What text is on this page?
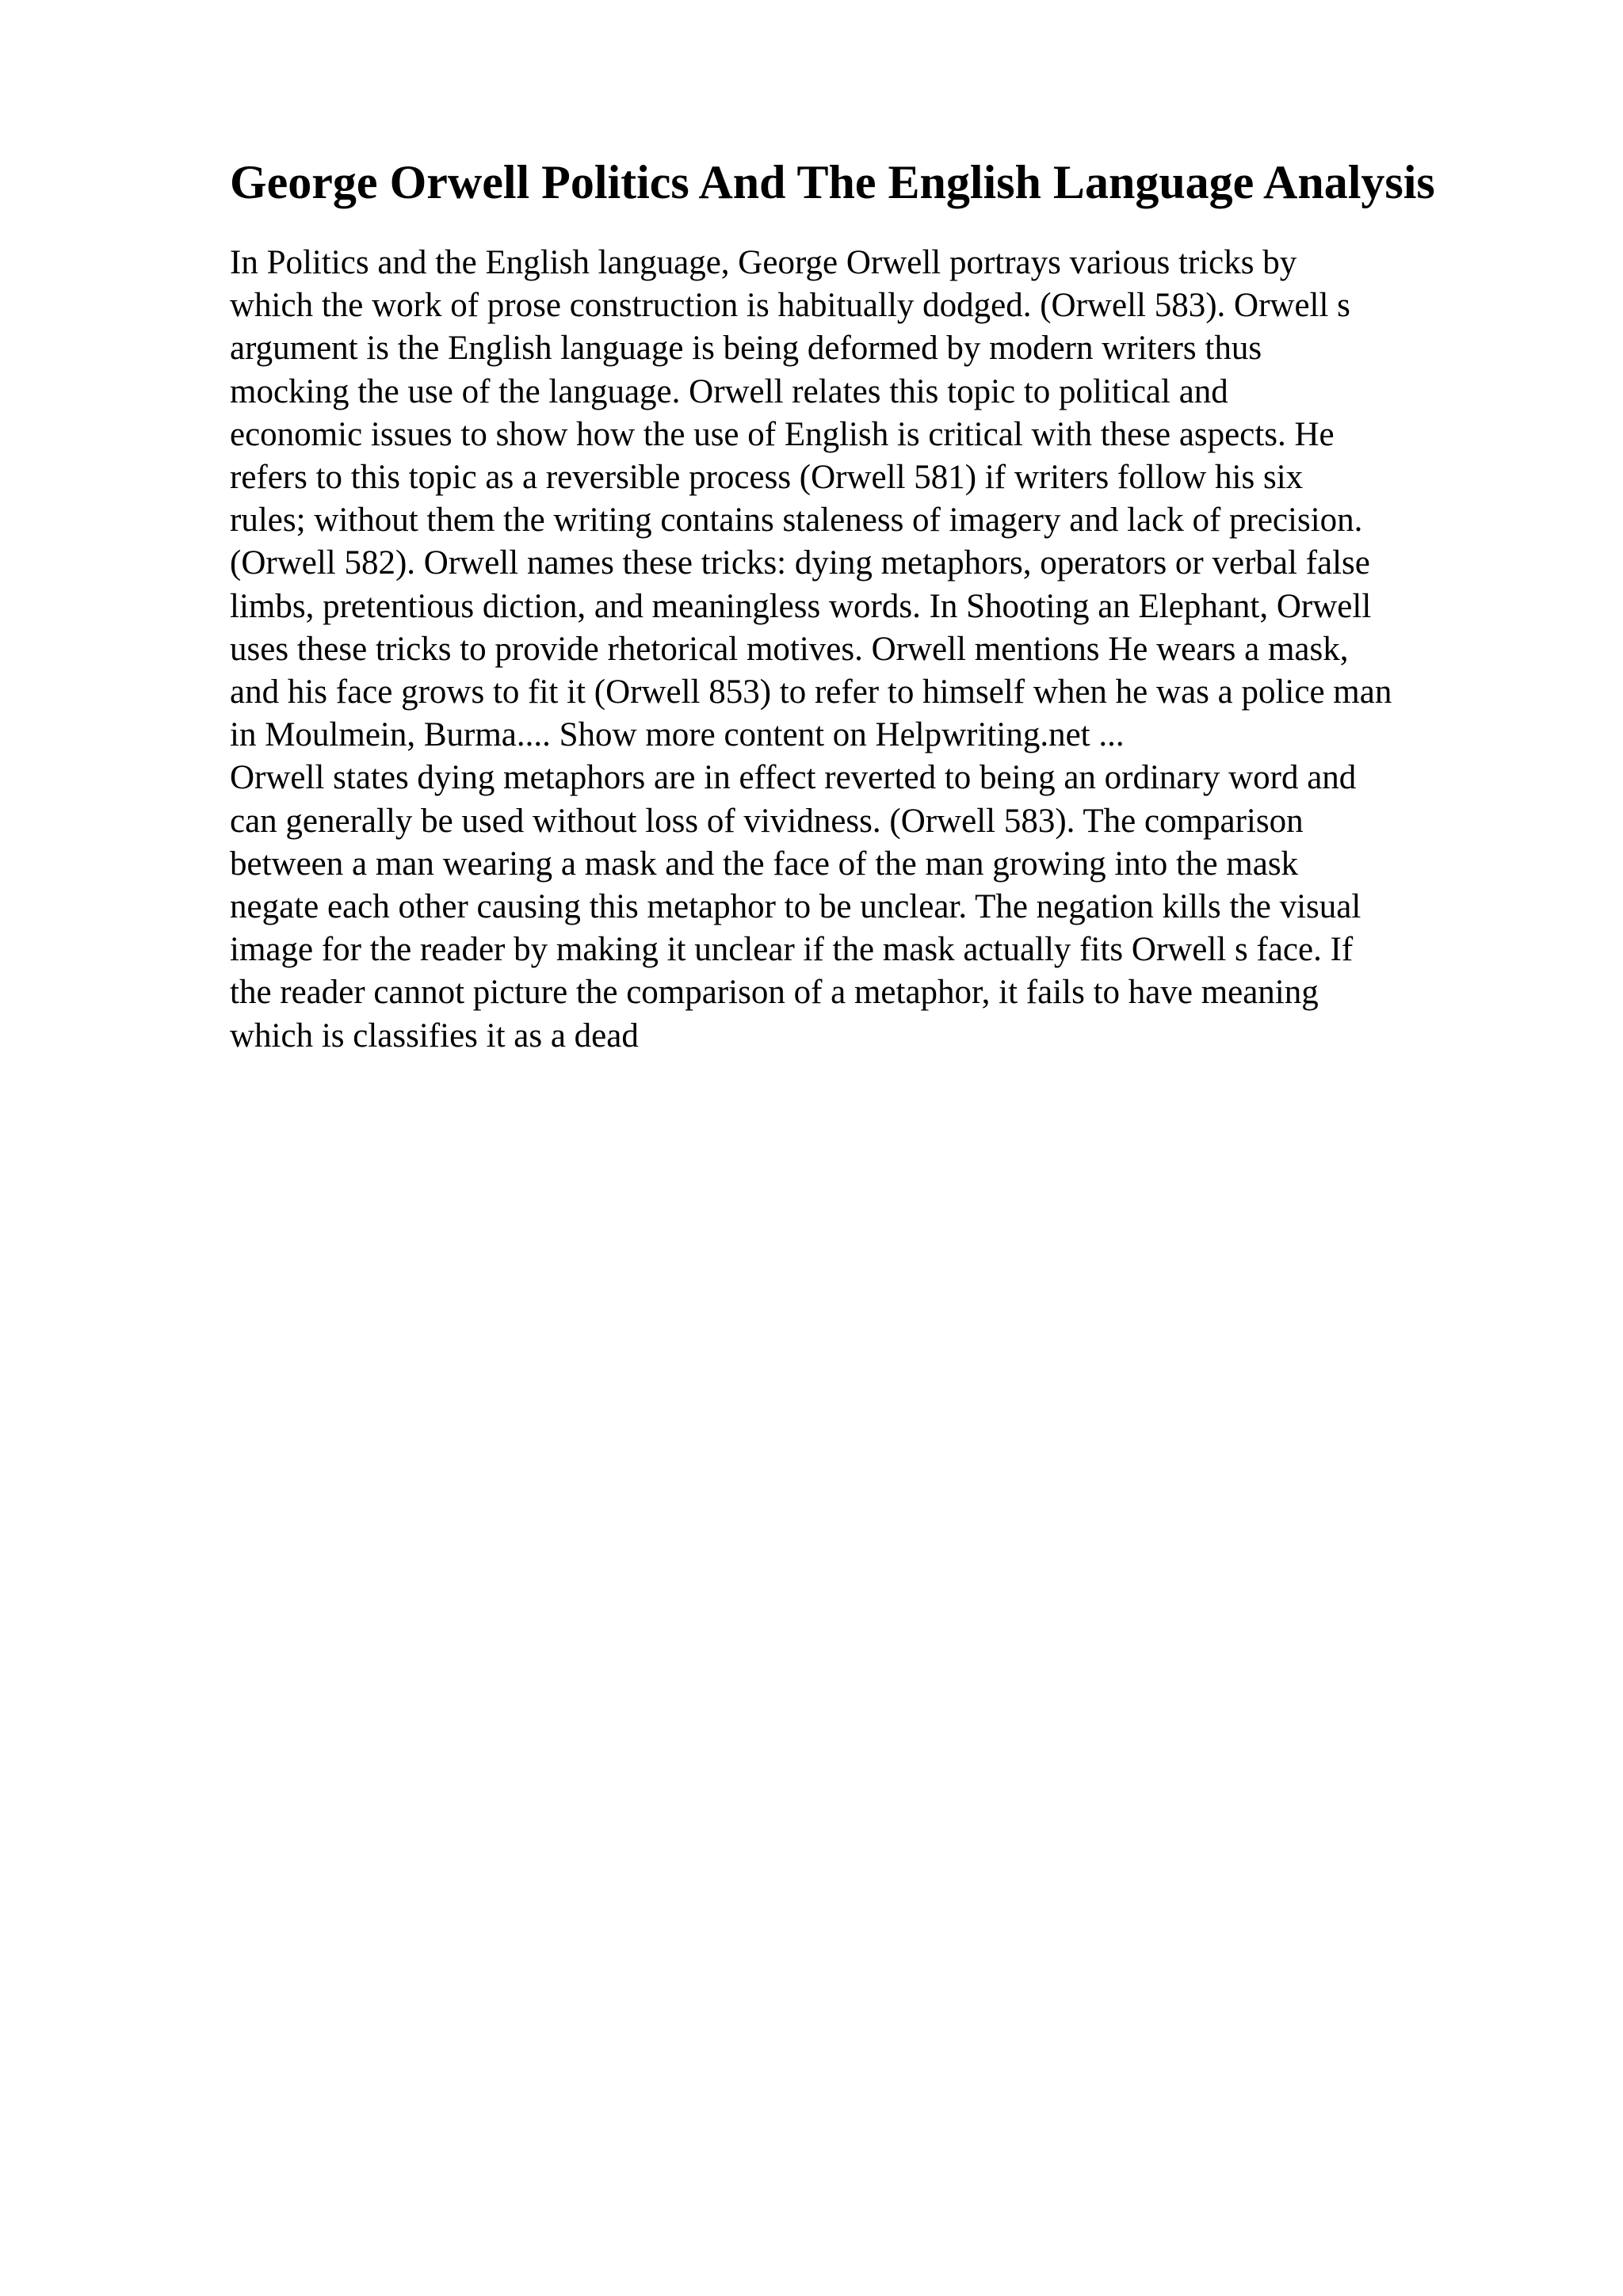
George Orwell Politics And The English Language Analysis
In Politics and the English language, George Orwell portrays various tricks by
which the work of prose construction is habitually dodged. (Orwell 583). Orwell s
argument is the English language is being deformed by modern writers thus
mocking the use of the language. Orwell relates this topic to political and
economic issues to show how the use of English is critical with these aspects. He
refers to this topic as a reversible process (Orwell 581) if writers follow his six
rules; without them the writing contains staleness of imagery and lack of precision.
(Orwell 582). Orwell names these tricks: dying metaphors, operators or verbal false
limbs, pretentious diction, and meaningless words. In Shooting an Elephant, Orwell
uses these tricks to provide rhetorical motives. Orwell mentions He wears a mask,
and his face grows to fit it (Orwell 853) to refer to himself when he was a police man
in Moulmein, Burma.... Show more content on Helpwriting.net ...
Orwell states dying metaphors are in effect reverted to being an ordinary word and
can generally be used without loss of vividness. (Orwell 583). The comparison
between a man wearing a mask and the face of the man growing into the mask
negate each other causing this metaphor to be unclear. The negation kills the visual
image for the reader by making it unclear if the mask actually fits Orwell s face. If
the reader cannot picture the comparison of a metaphor, it fails to have meaning
which is classifies it as a dead
